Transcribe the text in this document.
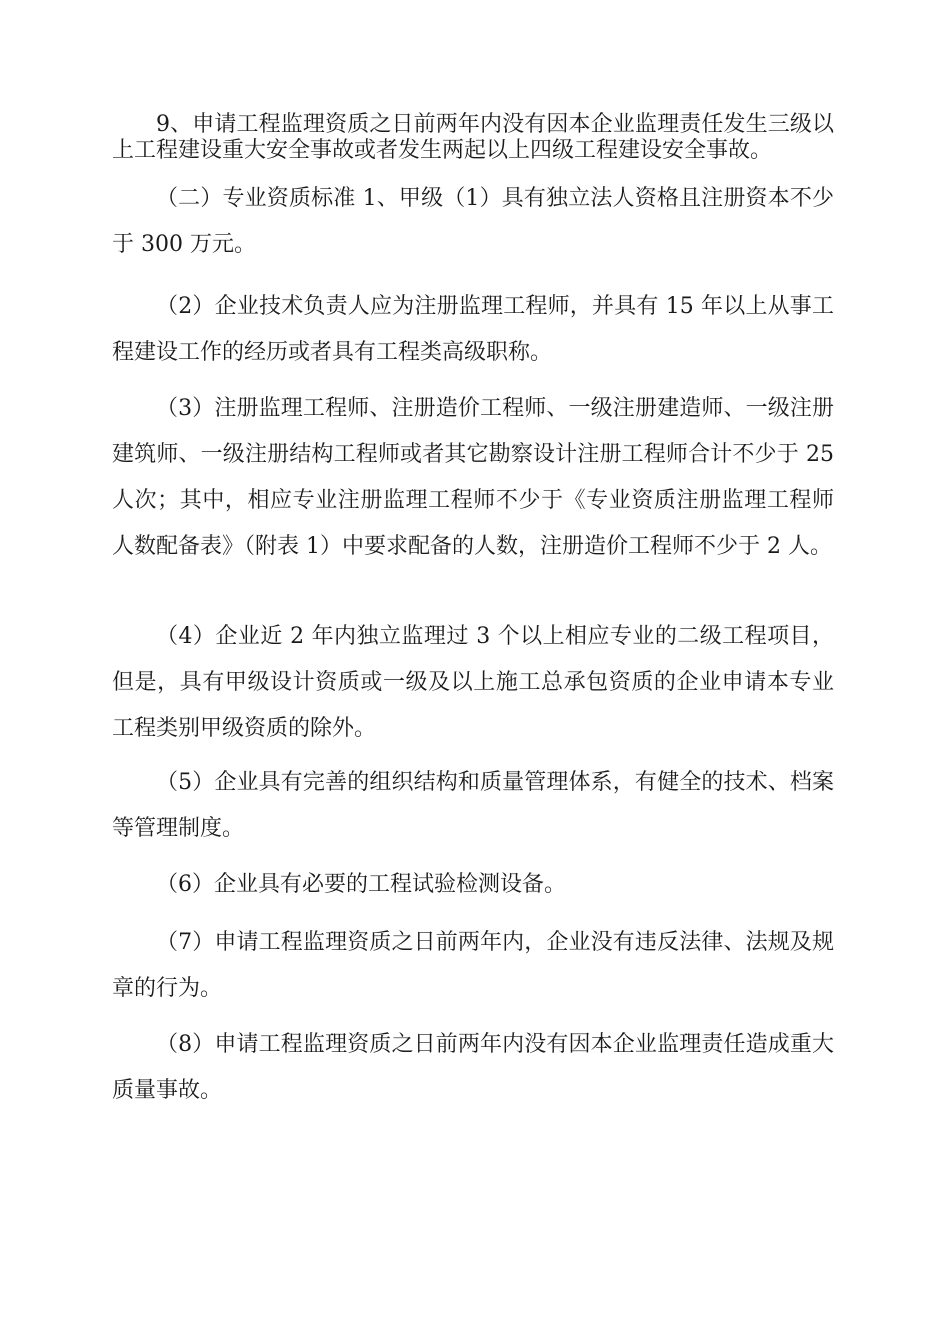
9、申请工程监理资质之日前两年内没有因本企业监理责任发生三级以上工程建设重大安全事故或者发生两起以上四级工程建设安全事故。

（二）专业资质标准 1、甲级（1）具有独立法人资格且注册资本不少于 300 万元。

（2）企业技术负责人应为注册监理工程师，并具有 15 年以上从事工程建设工作的经历或者具有工程类高级职称。

（3）注册监理工程师、注册造价工程师、一级注册建造师、一级注册建筑师、一级注册结构工程师或者其它勘察设计注册工程师合计不少于 25 人次；其中，相应专业注册监理工程师不少于《专业资质注册监理工程师人数配备表》（附表 1）中要求配备的人数，注册造价工程师不少于 2 人。

（4）企业近 2 年内独立监理过 3 个以上相应专业的二级工程项目，但是，具有甲级设计资质或一级及以上施工总承包资质的企业申请本专业工程类别甲级资质的除外。

（5）企业具有完善的组织结构和质量管理体系，有健全的技术、档案等管理制度。

（6）企业具有必要的工程试验检测设备。

（7）申请工程监理资质之日前两年内，企业没有违反法律、法规及规章的行为。

（8）申请工程监理资质之日前两年内没有因本企业监理责任造成重大质量事故。
